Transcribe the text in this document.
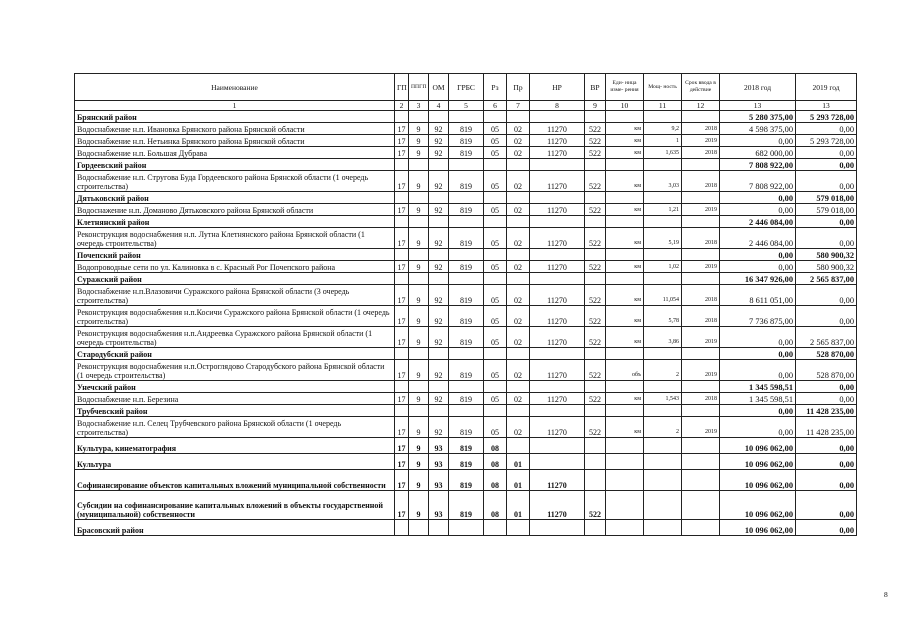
Наименование	ГП	ППГП	ОМ	ГРБС	Рз	Пр	НР	ВР	Еди- ница изме- рения	Мощ- ность	Срок ввода в действие	2018 год	2019 год
1	2	3	4	5	6	7	8	9	10	11	12	13	13
Брянский район												5 280 375,00	5 293 728,00
Водоснабжение н.п. Ивановка Брянского района Брянской области	17	9	92	819	05	02	11270	522	км	9,2	2018	4 598 375,00	0,00
Водоснабжение н.п. Нетьинка Брянского района Брянской области	17	9	92	819	05	02	11270	522	км	1	2019	0,00	5 293 728,00
Водоснабжение н.п. Большая Дубрава	17	9	92	819	05	02	11270	522	км	1,635	2018	682 000,00	0,00
Гордеевский район												7 808 922,00	0,00
Водоснабжение н.п. Стругова Буда Гордеевского района Брянской области (1 очередь строительства)	17	9	92	819	05	02	11270	522	км	3,03	2018	7 808 922,00	0,00
Дятьковский район												0,00	579 018,00
Водоснажение н.п. Доманово Дятьковского района Брянской области	17	9	92	819	05	02	11270	522	км	1,21	2019	0,00	579 018,00
Клетнянский район												2 446 084,00	0,00
Реконструкция водоснабжения н.п. Лутна Клетнянского района Брянской области (1 очередь строительства)	17	9	92	819	05	02	11270	522	км	5,19	2018	2 446 084,00	0,00
Почепский район												0,00	580 900,32
Водопроводные сети по ул. Калиновка в с. Красный Рог Почепского района	17	9	92	819	05	02	11270	522	км	1,02	2019	0,00	580 900,32
Суражский район												16 347 926,00	2 565 837,00
Водоснабжение н.п.Влазовичи Суражского района Брянской области (3 очередь строительства)	17	9	92	819	05	02	11270	522	км	11,054	2018	8 611 051,00	0,00
Реконструкция водоснабжения н.п.Косичи Суражского района Брянской области (1 очередь строительства)	17	9	92	819	05	02	11270	522	км	5,78	2018	7 736 875,00	0,00
Реконструкция водоснабжения н.п.Андреевка Суражского района Брянской области (1 очередь строительства)	17	9	92	819	05	02	11270	522	км	3,86	2019	0,00	2 565 837,00
Стародубский район												0,00	528 870,00
Реконструкция водоснабжения н.п.Остроглядово Стародубского района Брянской области (1 очередь строительства)	17	9	92	819	05	02	11270	522	объ	2	2019	0,00	528 870,00
Унечский район												1 345 598,51	0,00
Водоснабжение н.п. Березина	17	9	92	819	05	02	11270	522	км	1,543	2018	1 345 598,51	0,00
Трубчевский район												0,00	11 428 235,00
Водоснабжение н.п. Селец Трубчевского района Брянской области (1 очередь строительства)	17	9	92	819	05	02	11270	522	км	2	2019	0,00	11 428 235,00
Культура, кинематография	17	9	93	819	08							10 096 062,00	0,00
Культура	17	9	93	819	08	01						10 096 062,00	0,00
Софинансирование объектов капитальных вложений муниципальной собственности	17	9	93	819	08	01	11270					10 096 062,00	0,00
Субсидии на софинансирование капитальных вложений в объекты государственной (муниципальной) собственности	17	9	93	819	08	01	11270	522				10 096 062,00	0,00
Брасовский район												10 096 062,00	0,00
8
